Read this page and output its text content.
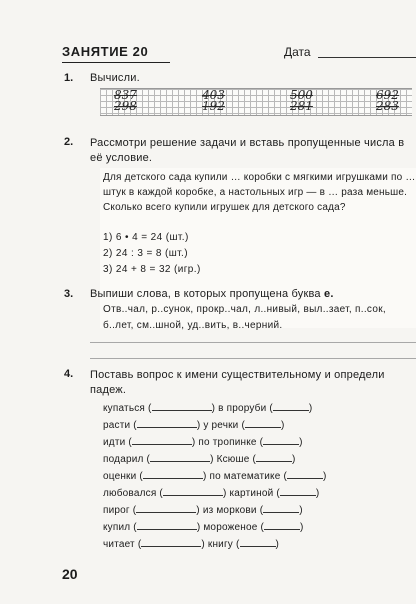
ЗАНЯТИЕ 20	Дата
1. Вычисли.
837
298
403
192
500
281
692
283
2. Рассмотри решение задачи и вставь пропущенные числа в её условие.
Для детского сада купили … коробки с мягкими игрушками по … штук в каждой коробке, а настольных игр — в … раза меньше. Сколько всего купили игрушек для детского сада?
1) 6 • 4 = 24 (шт.)
2) 24 : 3 = 8 (шт.)
3) 24 + 8 = 32 (игр.)
3. Выпиши слова, в которых пропущена буква е.
Отв..чал, р..сунок, прокр..чал, л..нивый, выл..зает, п..сок,
б..лет, см..шной, уд..вить, в..черний.
4. Поставь вопрос к имени существительному и определи падеж.
купаться (	) в проруби (	)
расти (	) у речки (	)
идти (	) по тропинке (	)
подарил (	) Ксюше (	)
оценки (	) по математике (	)
любовался (	) картиной (	)
пирог (	) из моркови (	)
купил (	) мороженое (	)
читает (	) книгу (	)
20
